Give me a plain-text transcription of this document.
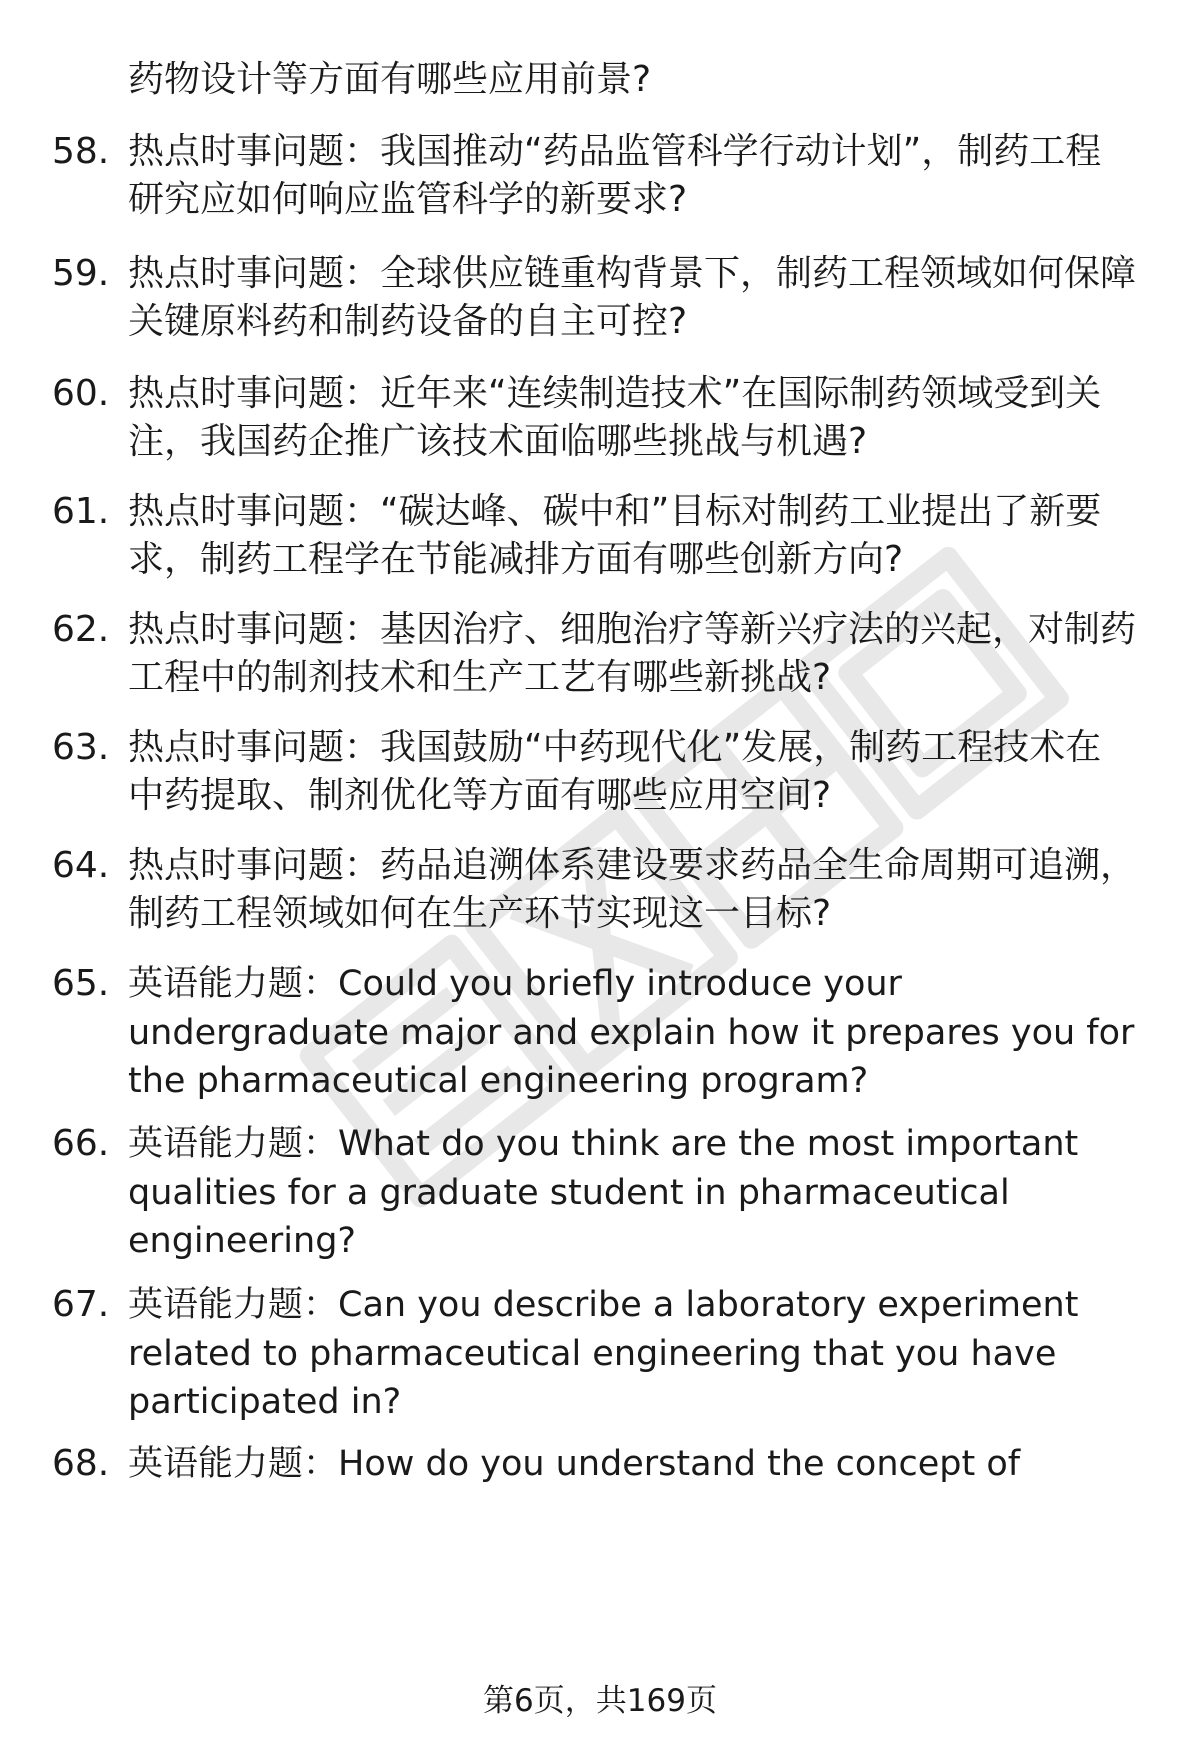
药物设计等方面有哪些应用前景?
58. 热点时事问题：我国推动“药品监管科学行动计划”，制药工程
研究应如何响应监管科学的新要求?
59. 热点时事问题：全球供应链重构背景下，制药工程领域如何保障
关键原料药和制药设备的自主可控?
60. 热点时事问题：近年来“连续制造技术”在国际制药领域受到关
注，我国药企推广该技术面临哪些挑战与机遇?
61. 热点时事问题：“碳达峰、碳中和”目标对制药工业提出了新要
求，制药工程学在节能减排方面有哪些创新方向?
62. 热点时事问题：基因治疗、细胞治疗等新兴疗法的兴起，对制药
工程中的制剂技术和生产工艺有哪些新挑战?
63. 热点时事问题：我国鼓励“中药现代化”发展，制药工程技术在
中药提取、制剂优化等方面有哪些应用空间?
64. 热点时事问题：药品追溯体系建设要求药品全生命周期可追溯，
制药工程领域如何在生产环节实现这一目标?
65. 英语能力题：Could you briefly introduce your
undergraduate major and explain how it prepares you for
the pharmaceutical engineering program?
66. 英语能力题：What do you think are the most important
qualities for a graduate student in pharmaceutical
engineering?
67. 英语能力题：Can you describe a laboratory experiment
related to pharmaceutical engineering that you have
participated in?
68. 英语能力题：How do you understand the concept of
第6页，共169页
